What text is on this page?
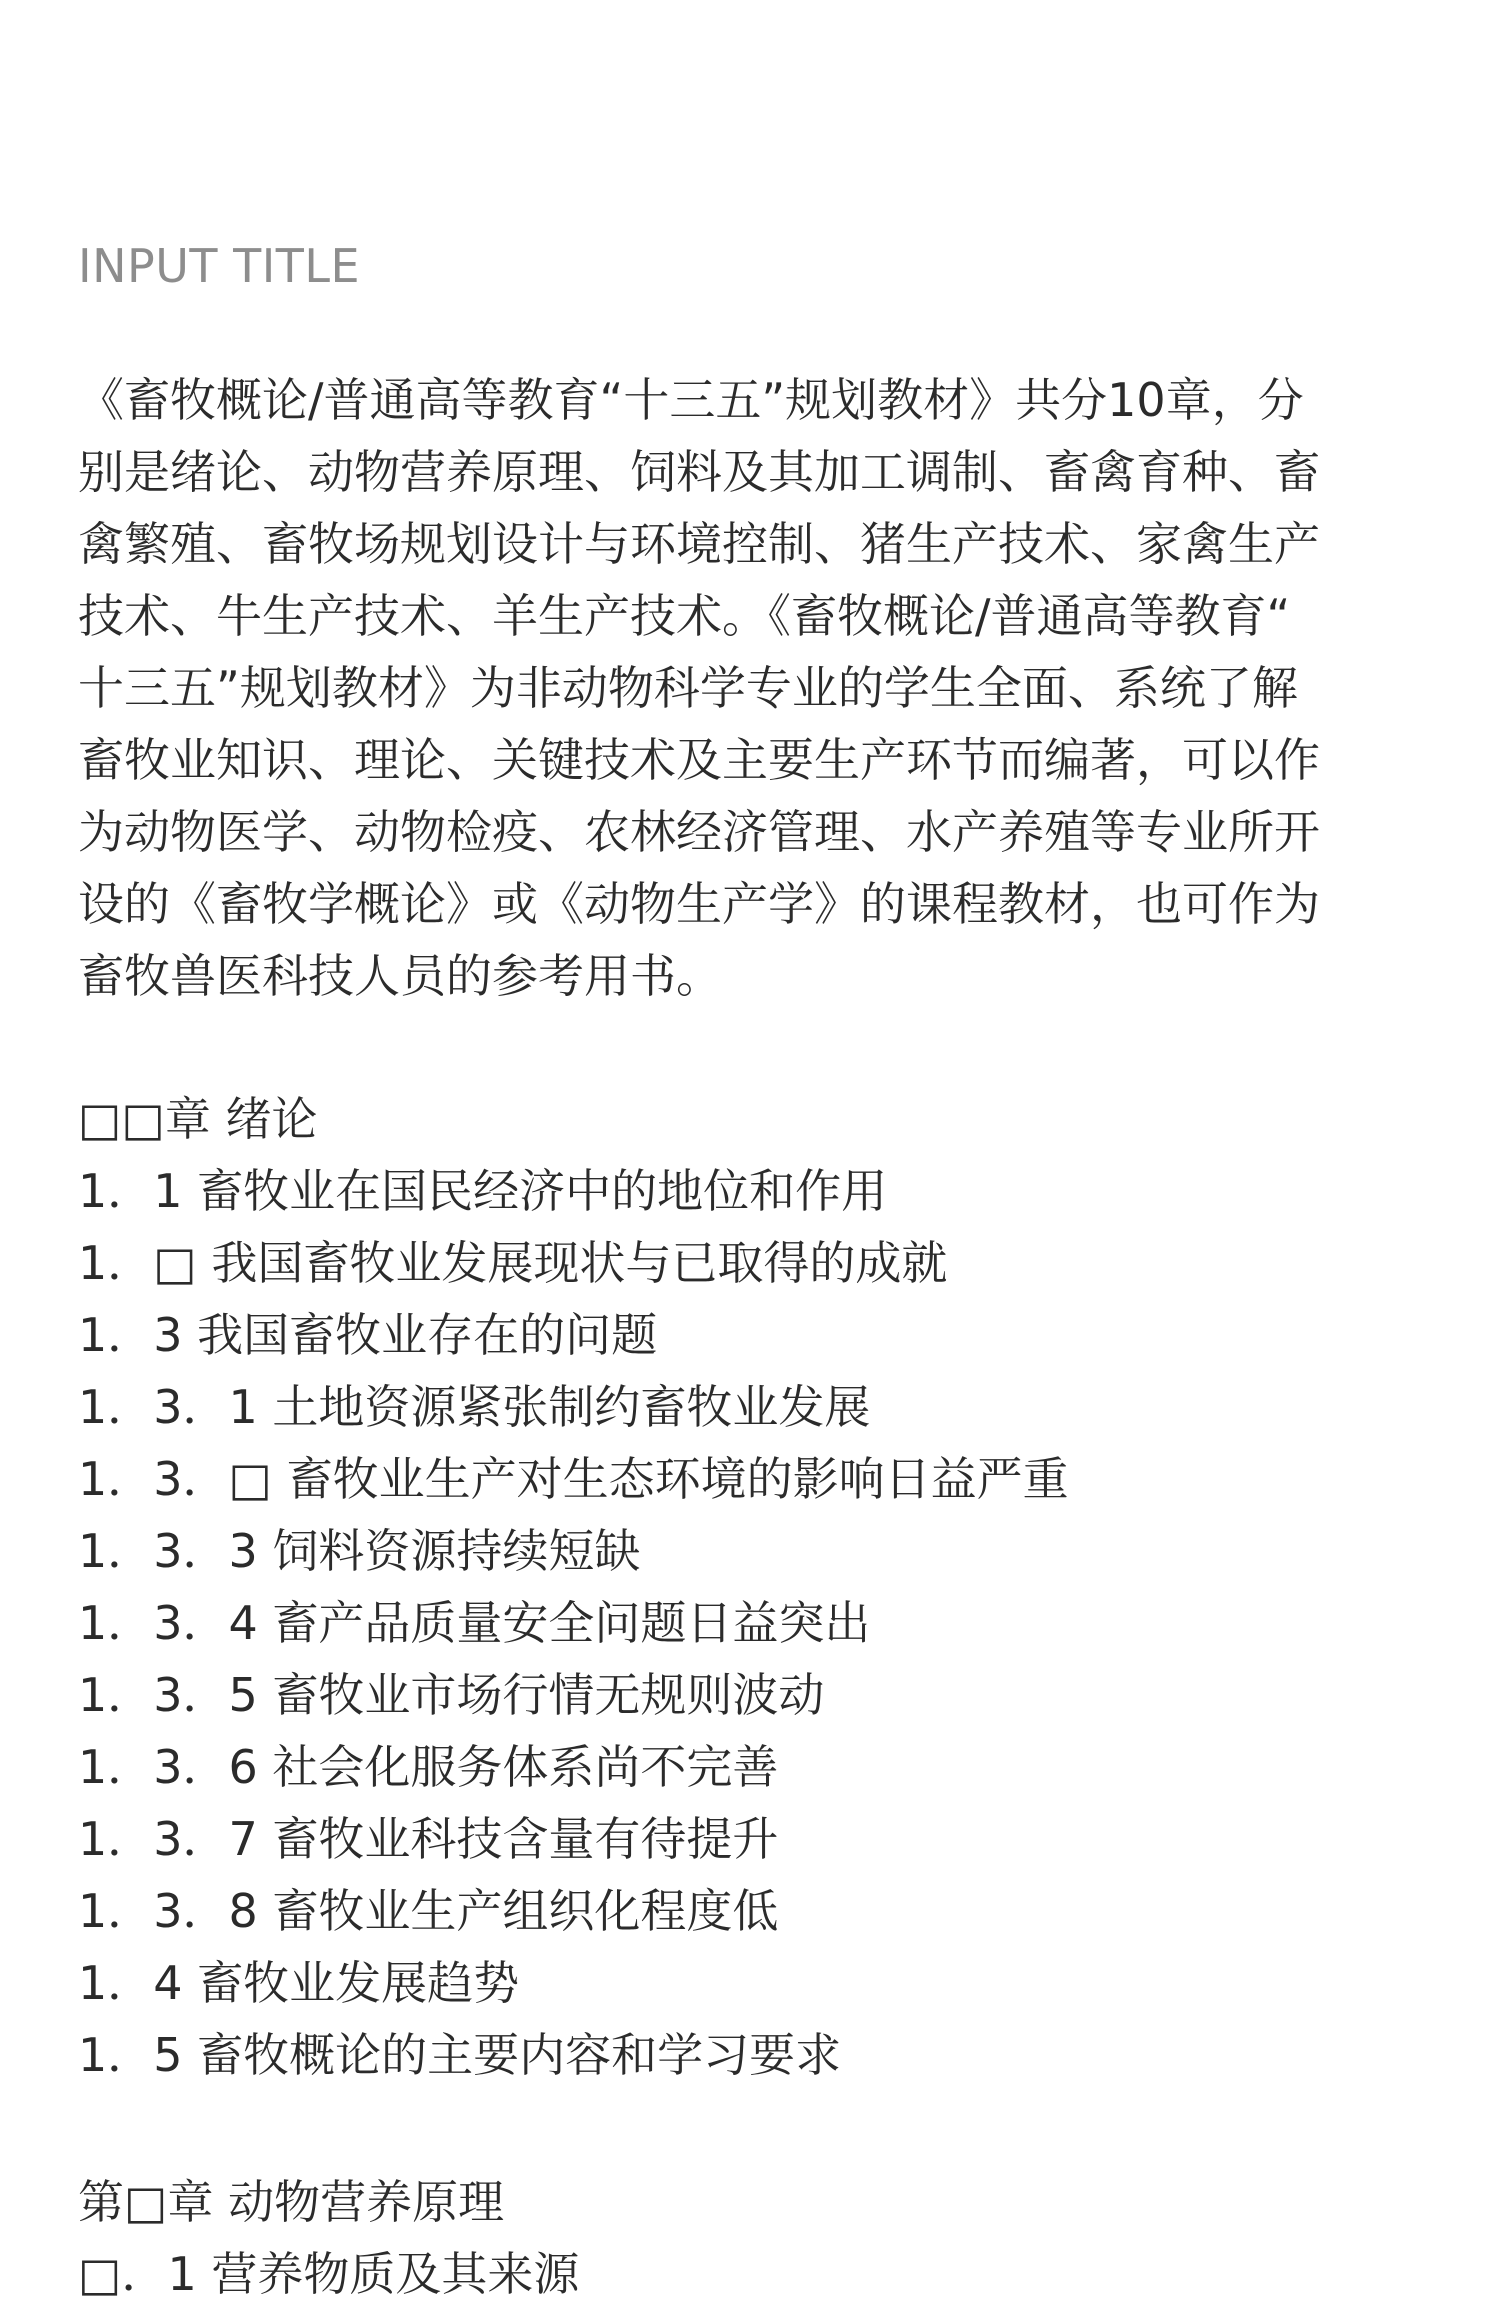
INPUT TITLE
《畜牧概论/普通高等教育“十三五”规划教材》共分10章，分
别是绪论、动物营养原理、饲料及其加工调制、畜禽育种、畜
禽繁殖、畜牧场规划设计与环境控制、猪生产技术、家禽生产
技术、牛生产技术、羊生产技术。《畜牧概论/普通高等教育“
十三五”规划教材》为非动物科学专业的学生全面、系统了解
畜牧业知识、理论、关键技术及主要生产环节而编著，可以作
为动物医学、动物检疫、农林经济管理、水产养殖等专业所开
设的《畜牧学概论》或《动物生产学》的课程教材，也可作为
畜牧兽医科技人员的参考用书。
□□章 绪论
1．1 畜牧业在国民经济中的地位和作用
1．□ 我国畜牧业发展现状与已取得的成就
1．3 我国畜牧业存在的问题
1．3．1 土地资源紧张制约畜牧业发展
1．3．□ 畜牧业生产对生态环境的影响日益严重
1．3．3 饲料资源持续短缺
1．3．4 畜产品质量安全问题日益突出
1．3．5 畜牧业市场行情无规则波动
1．3．6 社会化服务体系尚不完善
1．3．7 畜牧业科技含量有待提升
1．3．8 畜牧业生产组织化程度低
1．4 畜牧业发展趋势
1．5 畜牧概论的主要内容和学习要求
第□章 动物营养原理
□．1 营养物质及其来源
